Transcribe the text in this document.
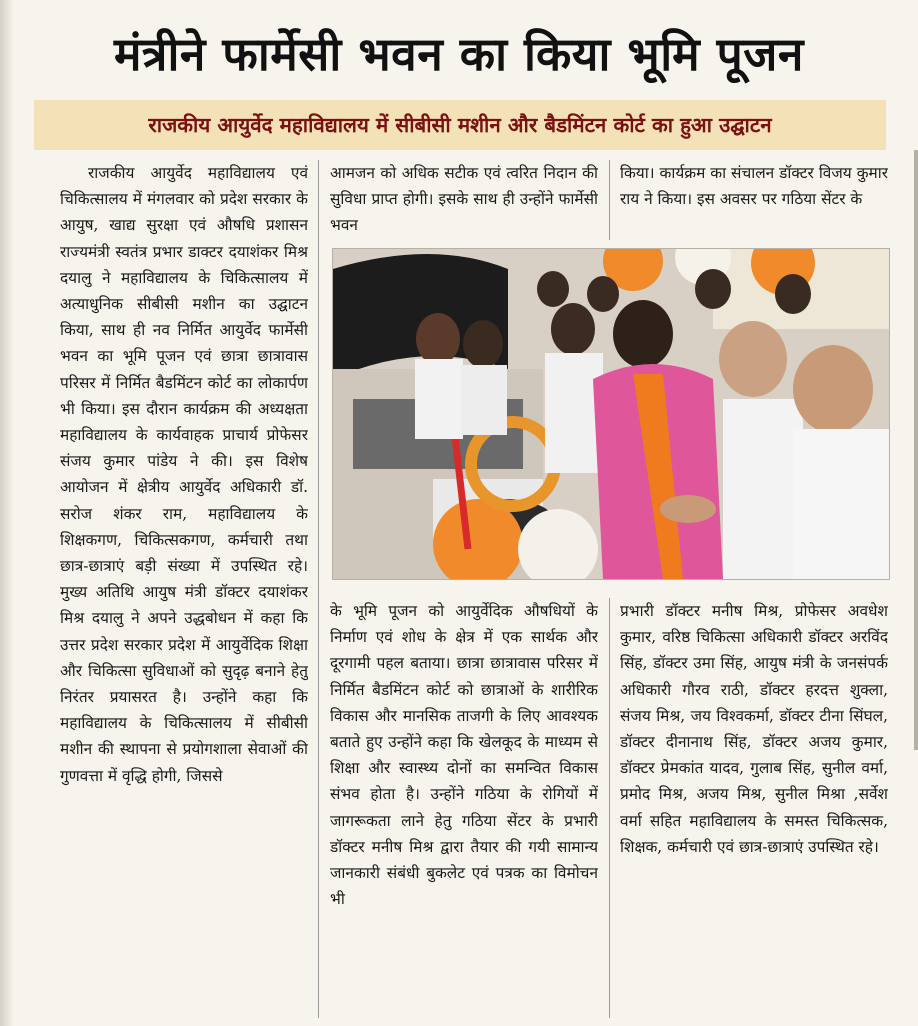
मंत्रीने फार्मेसी भवन का किया भूमि पूजन
राजकीय आयुर्वेद महाविद्यालय में सीबीसी मशीन और बैडमिंटन कोर्ट का हुआ उद्घाटन

राजकीय आयुर्वेद महाविद्यालय एवं चिकित्सालय में मंगलवार को प्रदेश सरकार के आयुष, खाद्य सुरक्षा एवं औषधि प्रशासन राज्यमंत्री स्वतंत्र प्रभार डाक्टर दयाशंकर मिश्र दयालु ने महाविद्यालय के चिकित्सालय में अत्याधुनिक सीबीसी मशीन का उद्घाटन किया, साथ ही नव निर्मित आयुर्वेद फार्मेसी भवन का भूमि पूजन एवं छात्रा छात्रावास परिसर में निर्मित बैडमिंटन कोर्ट का लोकार्पण भी किया। इस दौरान कार्यक्रम की अध्यक्षता महाविद्यालय के कार्यवाहक प्राचार्य प्रोफेसर संजय कुमार पांडेय ने की। इस विशेष आयोजन में क्षेत्रीय आयुर्वेद अधिकारी डॉ. सरोज शंकर राम, महाविद्यालय के शिक्षकगण, चिकित्सकगण, कर्मचारी तथा छात्र-छात्राएं बड़ी संख्या में उपस्थित रहे। मुख्य अतिथि आयुष मंत्री डॉक्टर दयाशंकर मिश्र दयालु ने अपने उद्धबोधन में कहा कि उत्तर प्रदेश सरकार प्रदेश में आयुर्वेदिक शिक्षा और चिकित्सा सुविधाओं को सुदृढ़ बनाने हेतु निरंतर प्रयासरत है। उन्होंने कहा कि महाविद्यालय के चिकित्सालय में सीबीसी मशीन की स्थापना से प्रयोगशाला सेवाओं की गुणवत्ता में वृद्धि होगी, जिससे

आमजन को अधिक सटीक एवं त्वरित निदान की सुविधा प्राप्त होगी। इसके साथ ही उन्होंने फार्मेसी भवन

किया। कार्यक्रम का संचालन डॉक्टर विजय कुमार राय ने किया। इस अवसर पर गठिया सेंटर के

के भूमि पूजन को आयुर्वेदिक औषधियों के निर्माण एवं शोध के क्षेत्र में एक सार्थक और दूरगामी पहल बताया। छात्रा छात्रावास परिसर में निर्मित बैडमिंटन कोर्ट को छात्राओं के शारीरिक विकास और मानसिक ताजगी के लिए आवश्यक बताते हुए उन्होंने कहा कि खेलकूद के माध्यम से शिक्षा और स्वास्थ्य दोनों का समन्वित विकास संभव होता है। उन्होंने गठिया के रोगियों में जागरूकता लाने हेतु गठिया सेंटर के प्रभारी डॉक्टर मनीष मिश्र द्वारा तैयार की गयी सामान्य जानकारी संबंधी बुकलेट एवं पत्रक का विमोचन भी

प्रभारी डॉक्टर मनीष मिश्र, प्रोफेसर अवधेश कुमार, वरिष्ठ चिकित्सा अधिकारी डॉक्टर अरविंद सिंह, डॉक्टर उमा सिंह, आयुष मंत्री के जनसंपर्क अधिकारी गौरव राठी, डॉक्टर हरदत्त शुक्ला, संजय मिश्र, जय विश्वकर्मा, डॉक्टर टीना सिंघल, डॉक्टर दीनानाथ सिंह, डॉक्टर अजय कुमार, डॉक्टर प्रेमकांत यादव, गुलाब सिंह, सुनील वर्मा, प्रमोद मिश्र, अजय मिश्र, सुनील मिश्रा ,सर्वेश वर्मा सहित महाविद्यालय के समस्त चिकित्सक, शिक्षक, कर्मचारी एवं छात्र-छात्राएं उपस्थित रहे।
